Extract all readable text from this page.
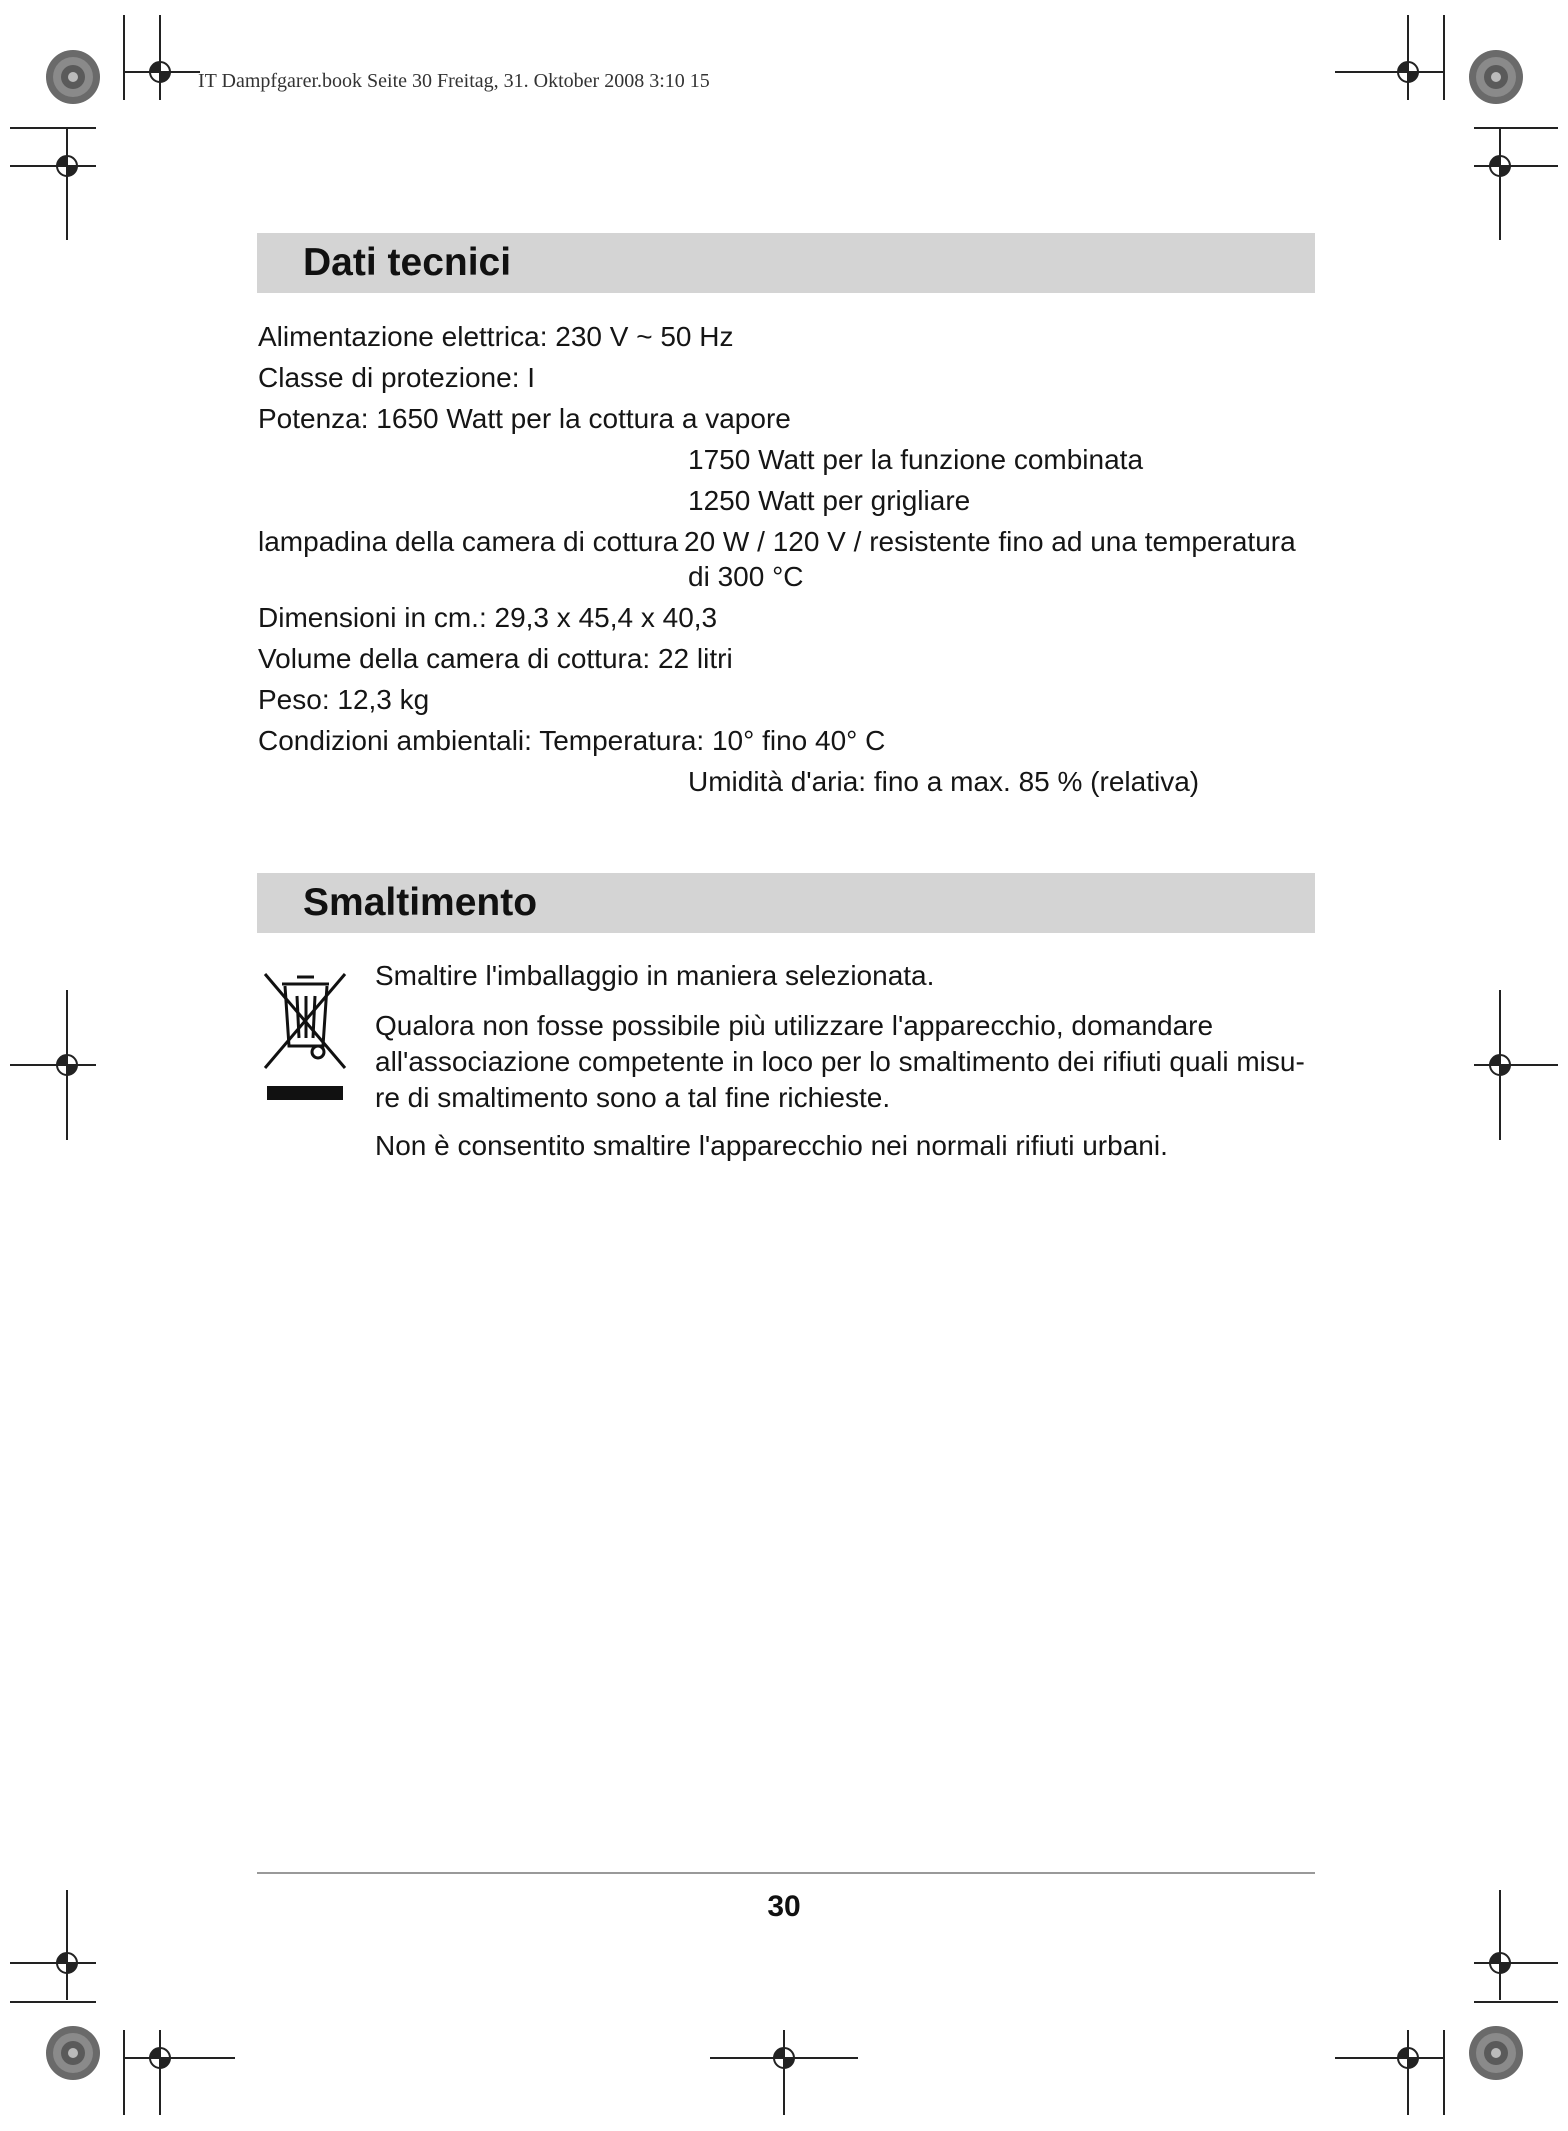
IT Dampfgarer.book Seite 30 Freitag, 31. Oktober 2008 3:10 15
Dati tecnici
Alimentazione elettrica: 230 V ~ 50 Hz
Classe di protezione: I
Potenza: 1650 Watt per la cottura a vapore
1750 Watt per la funzione combinata
1250 Watt per grigliare
lampadina della camera di cottura 20 W / 120 V / resistente fino ad una temperatura
di 300 °C
Dimensioni in cm.: 29,3 x 45,4 x 40,3
Volume della camera di cottura: 22 litri
Peso: 12,3 kg
Condizioni ambientali: Temperatura: 10° fino 40° C
Umidità d'aria: fino a max. 85 % (relativa)
Smaltimento
Smaltire l'imballaggio in maniera selezionata.
Qualora non fosse possibile più utilizzare l'apparecchio, domandare all'associazione competente in loco per lo smaltimento dei rifiuti quali misu-re di smaltimento sono a tal fine richieste.
Non è consentito smaltire l'apparecchio nei normali rifiuti urbani.
30
